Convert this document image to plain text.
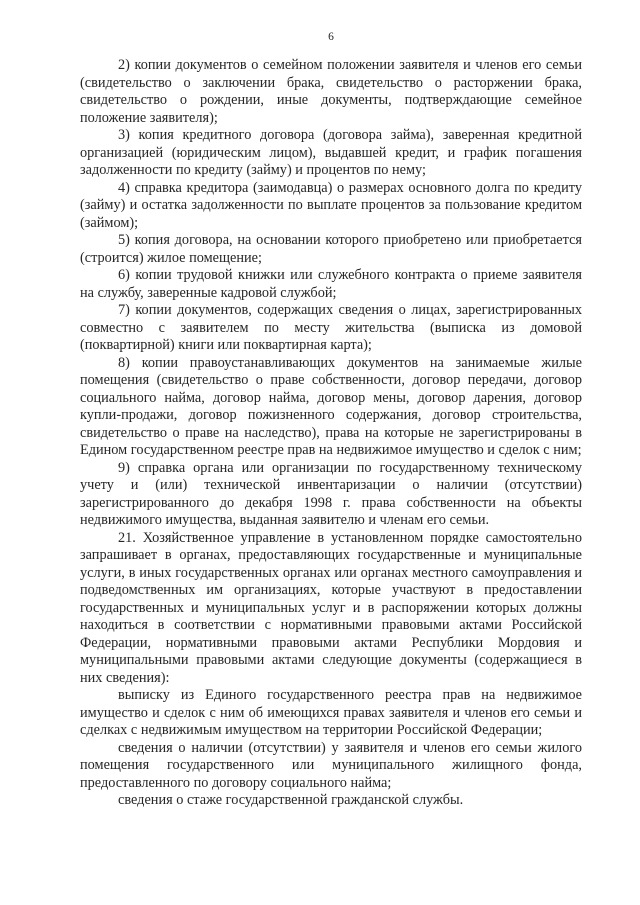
6

2) копии документов о семейном положении заявителя и членов его семьи (свидетельство о заключении брака, свидетельство о расторжении брака, свидетельство о рождении, иные документы, подтверждающие семейное положение заявителя);

3) копия кредитного договора (договора займа), заверенная кредитной организацией (юридическим лицом), выдавшей кредит, и график погашения задолженности по кредиту (займу) и процентов по нему;

4) справка кредитора (заимодавца) о размерах основного долга по кредиту (займу) и остатка задолженности по выплате процентов за пользование кредитом (займом);

5) копия договора, на основании которого приобретено или приобретается (строится) жилое помещение;

6) копии трудовой книжки или служебного контракта о приеме заявителя на службу, заверенные кадровой службой;

7) копии документов, содержащих сведения о лицах, зарегистрированных совместно с заявителем по месту жительства (выписка из домовой (поквартирной) книги или поквартирная карта);

8) копии правоустанавливающих документов на занимаемые жилые помещения (свидетельство о праве собственности, договор передачи, договор социального найма, договор найма, договор мены, договор дарения, договор купли-продажи, договор пожизненного содержания, договор строительства, свидетельство о праве на наследство), права на которые не зарегистрированы в Едином государственном реестре прав на недвижимое имущество и сделок с ним;

9) справка органа или организации по государственному техническому учету и (или) технической инвентаризации о наличии (отсутствии) зарегистрированного до декабря 1998 г. права собственности на объекты недвижимого имущества, выданная заявителю и членам его семьи.

21. Хозяйственное управление в установленном порядке самостоятельно запрашивает в органах, предоставляющих государственные и муниципальные услуги, в иных государственных органах или органах местного самоуправления и подведомственных им организациях, которые участвуют в предоставлении государственных и муниципальных услуг и в распоряжении которых должны находиться в соответствии с нормативными правовыми актами Российской Федерации, нормативными правовыми актами Республики Мордовия и муниципальными правовыми актами следующие документы (содержащиеся в них сведения):

выписку из Единого государственного реестра прав на недвижимое имущество и сделок с ним об имеющихся правах заявителя и членов его семьи и сделках с недвижимым имуществом на территории Российской Федерации;

сведения о наличии (отсутствии) у заявителя и членов его семьи жилого помещения государственного или муниципального жилищного фонда, предоставленного по договору социального найма;

сведения о стаже государственной гражданской службы.
